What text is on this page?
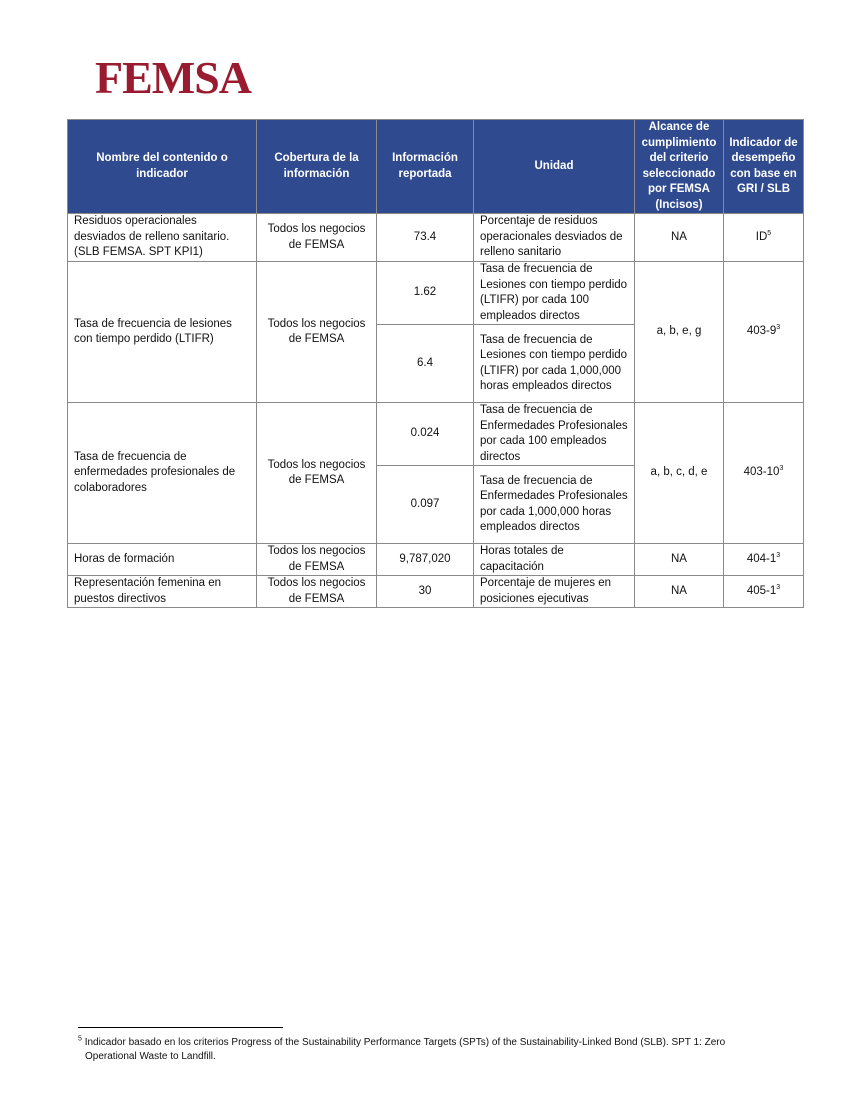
FEMSA
Nombre del contenido o indicador	Cobertura de la información	Información reportada	Unidad	Alcance de cumplimiento del criterio seleccionado por FEMSA (Incisos)	Indicador de desempeño con base en GRI / SLB
Residuos operacionales desviados de relleno sanitario. (SLB FEMSA. SPT KPI1)	Todos los negocios de FEMSA	73.4	Porcentaje de residuos operacionales desviados de relleno sanitario	NA	$ID^5$
Tasa de frecuencia de lesiones con tiempo perdido (LTIFR)	Todos los negocios de FEMSA	1.62	Tasa de frecuencia de Lesiones con tiempo perdido (LTIFR) por cada 100 empleados directos	a, b, e, g	$403-9^3$
		6.4	Tasa de frecuencia de Lesiones con tiempo perdido (LTIFR) por cada 1,000,000 horas empleados directos		
Tasa de frecuencia de enfermedades profesionales de colaboradores	Todos los negocios de FEMSA	0.024	Tasa de frecuencia de Enfermedades Profesionales por cada 100 empleados directos	a, b, c, d, e	$403-10^3$
		0.097	Tasa de frecuencia de Enfermedades Profesionales por cada 1,000,000 horas empleados directos		
Horas de formación	Todos los negocios de FEMSA	9,787,020	Horas totales de capacitación	NA	$404-1^3$
Representación femenina en puestos directivos	Todos los negocios de FEMSA	30	Porcentaje de mujeres en posiciones ejecutivas	NA	$405-1^3$
$^5$ Indicador basado en los criterios Progress of the Sustainability Performance Targets (SPTs) of the Sustainability-Linked Bond (SLB). SPT 1: Zero
Operational Waste to Landfill.
